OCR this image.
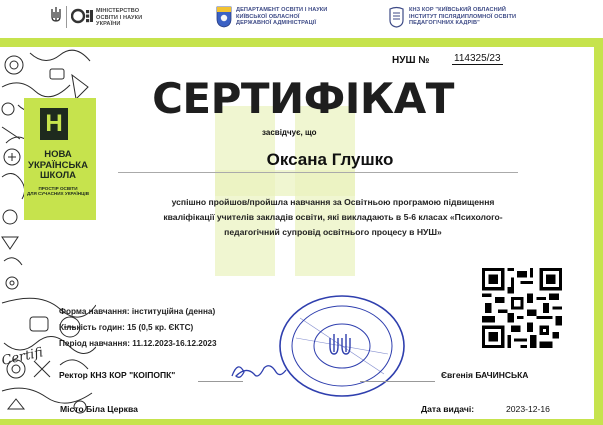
МІНІСТЕРСТВО
ОСВІТИ І НАУКИ
УКРАЇНИ
ДЕПАРТАМЕНТ ОСВІТИ І НАУКИ
КИЇВСЬКОЇ ОБЛАСНОЇ
ДЕРЖАВНОЇ АДМІНІСТРАЦІЇ
КНЗ КОР "КИЇВСЬКИЙ ОБЛАСНИЙ
ІНСТИТУТ ПІСЛЯДИПЛОМНОЇ ОСВІТИ
ПЕДАГОГІЧНИХ КАДРІВ"
Certifi
Н
НОВА
УКРАЇНСЬКА
ШКОЛА
ПРОСТІР ОСВІТИ
ДЛЯ СУЧАСНИХ УКРАЇНЦІВ
НУШ № 114325/23
СЕРТИФІКАТ
засвідчує, що
Оксана Глушко
успішно пройшов/пройшла навчання за Освітньою програмою підвищення
кваліфікації учителів закладів освіти, які викладають в 5-6 класах «Психолого-
педагогічний супровід освітнього процесу в НУШ»
Форма навчання: інституційна (денна)
Кількість годин: 15 (0,5 кр. ЄКТС)
Період навчання: 11.12.2023-16.12.2023
Ректор КНЗ КОР "КОІПОПК"	Євгенія БАЧИНСЬКА
Місто Біла Церква	Дата видачі:	2023-12-16
